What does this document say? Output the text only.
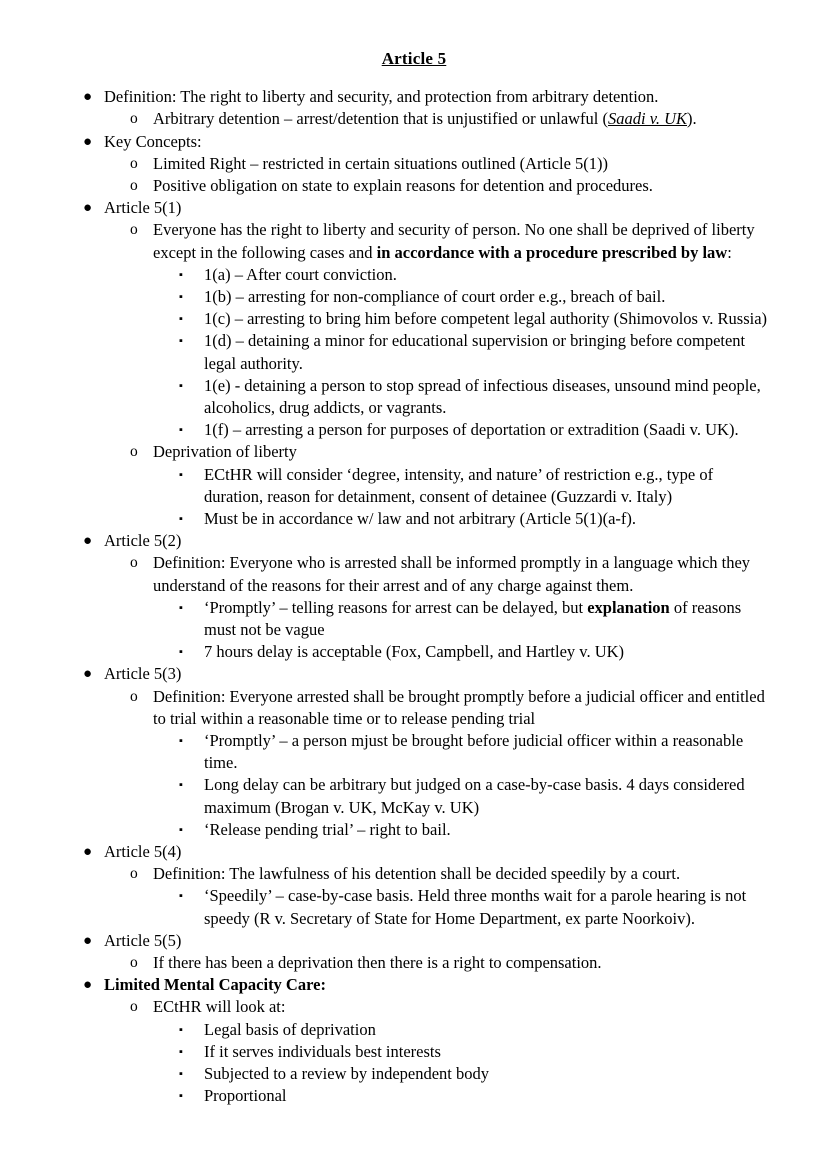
Article 5
● Definition: The right to liberty and security, and protection from arbitrary detention.
o Arbitrary detention – arrest/detention that is unjustified or unlawful (Saadi v. UK).
● Key Concepts:
o Limited Right – restricted in certain situations outlined (Article 5(1))
o Positive obligation on state to explain reasons for detention and procedures.
● Article 5(1)
o Everyone has the right to liberty and security of person. No one shall be deprived of liberty except in the following cases and in accordance with a procedure prescribed by law:
▪ 1(a) – After court conviction.
▪ 1(b) – arresting for non-compliance of court order e.g., breach of bail.
▪ 1(c) – arresting to bring him before competent legal authority (Shimovolos v. Russia)
▪ 1(d) – detaining a minor for educational supervision or bringing before competent legal authority.
▪ 1(e) - detaining a person to stop spread of infectious diseases, unsound mind people, alcoholics, drug addicts, or vagrants.
▪ 1(f) – arresting a person for purposes of deportation or extradition (Saadi v. UK).
o Deprivation of liberty
▪ ECtHR will consider ‘degree, intensity, and nature’ of restriction e.g., type of duration, reason for detainment, consent of detainee (Guzzardi v. Italy)
▪ Must be in accordance w/ law and not arbitrary (Article 5(1)(a-f).
● Article 5(2)
o Definition: Everyone who is arrested shall be informed promptly in a language which they understand of the reasons for their arrest and of any charge against them.
▪ ‘Promptly’ – telling reasons for arrest can be delayed, but explanation of reasons must not be vague
▪ 7 hours delay is acceptable (Fox, Campbell, and Hartley v. UK)
● Article 5(3)
o Definition: Everyone arrested shall be brought promptly before a judicial officer and entitled to trial within a reasonable time or to release pending trial
▪ ‘Promptly’ – a person mjust be brought before judicial officer within a reasonable time.
▪ Long delay can be arbitrary but judged on a case-by-case basis. 4 days considered maximum (Brogan v. UK, McKay v. UK)
▪ ‘Release pending trial’ – right to bail.
● Article 5(4)
o Definition: The lawfulness of his detention shall be decided speedily by a court.
▪ ‘Speedily’ – case-by-case basis. Held three months wait for a parole hearing is not speedy (R v. Secretary of State for Home Department, ex parte Noorkoiv).
● Article 5(5)
o If there has been a deprivation then there is a right to compensation.
● Limited Mental Capacity Care:
o ECtHR will look at:
▪ Legal basis of deprivation
▪ If it serves individuals best interests
▪ Subjected to a review by independent body
▪ Proportional
